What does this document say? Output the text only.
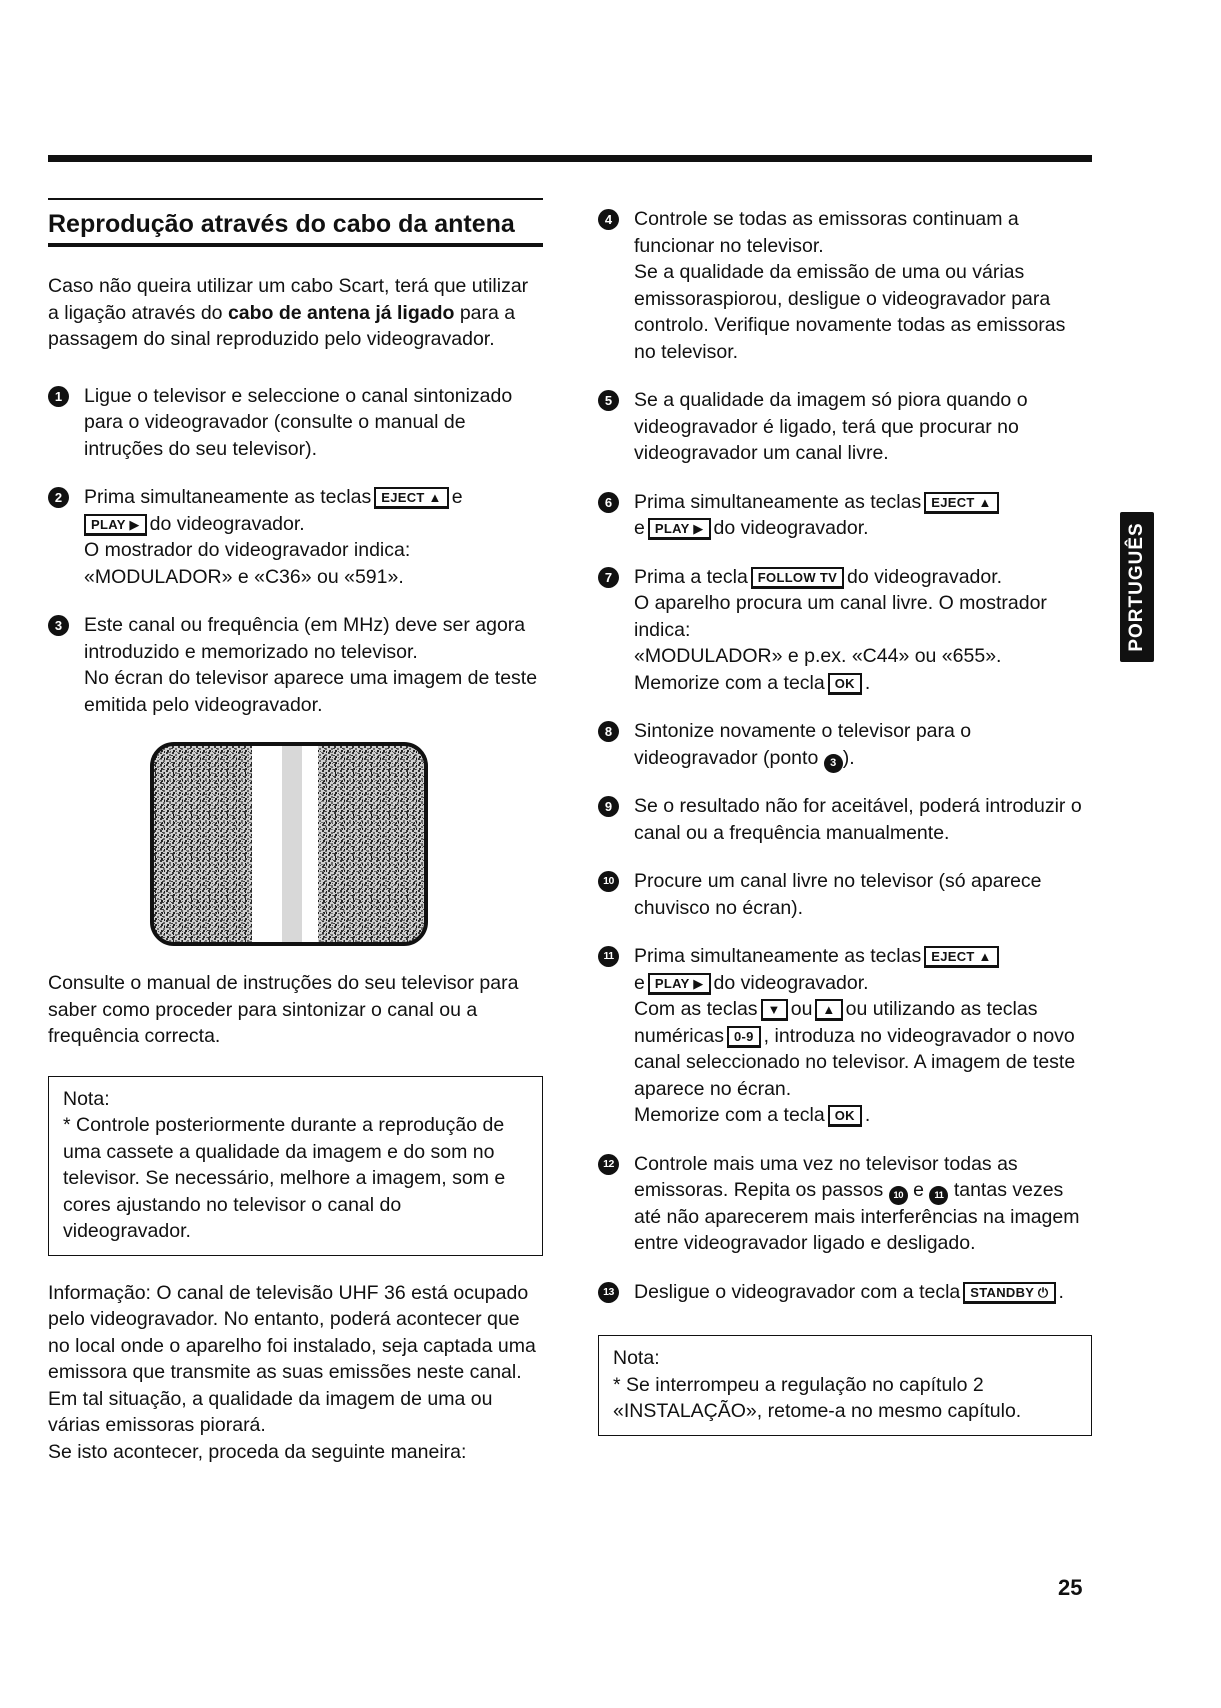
Reprodução através do cabo da antena

Caso não queira utilizar um cabo Scart, terá que utilizar a ligação através do cabo de antena já ligado para a passagem do sinal reproduzido pelo videogravador.

1	Ligue o televisor e seleccione o canal sintonizado para o videogravador (consulte o manual de intruções do seu televisor).
2	Prima simultaneamente as teclas EJECT ▲ e
PLAY ▶ do videogravador.
O mostrador do videogravador indica:
«MODULADOR» e «C36» ou «591».
3	Este canal ou frequência (em MHz) deve ser agora introduzido e memorizado no televisor.
No écran do televisor aparece uma imagem de teste emitida pelo videogravador.

Consulte o manual de instruções do seu televisor para saber como proceder para sintonizar o canal ou a frequência correcta.

Nota:
* Controle posteriormente durante a reprodução de uma cassete a qualidade da imagem e do som no televisor. Se necessário, melhore a imagem, som e cores ajustando no televisor o canal do videogravador.

Informação: O canal de televisão UHF 36 está ocupado pelo videogravador. No entanto, poderá acontecer que no local onde o aparelho foi instalado, seja captada uma emissora que transmite as suas emissões neste canal. Em tal situação, a qualidade da imagem de uma ou várias emissoras piorará.

Se isto acontecer, proceda da seguinte maneira:

4	Controle se todas as emissoras continuam a funcionar no televisor.
Se a qualidade da emissão de uma ou várias emissoraspiorou, desligue o videogravador para controlo. Verifique novamente todas as emissoras no televisor.
5	Se a qualidade da imagem só piora quando o videogravador é ligado, terá que procurar no videogravador um canal livre.
6	Prima simultaneamente as teclas EJECT ▲
e PLAY ▶ do videogravador.
7	Prima a tecla FOLLOW TV do videogravador.
O aparelho procura um canal livre. O mostrador indica:
«MODULADOR» e p.ex. «C44» ou «655».
Memorize com a tecla OK .
8	Sintonize novamente o televisor para o videogravador (ponto 3 ).
9	Se o resultado não for aceitável, poderá introduzir o canal ou a frequência manualmente.
10 Procure um canal livre no televisor (só aparece chuvisco no écran).
11 Prima simultaneamente as teclas EJECT ▲
e PLAY ▶ do videogravador.
Com as teclas ▼ ou ▲ ou utilizando as teclas numéricas 0-9 , introduza no videogravador o novo canal seleccionado no televisor. A imagem de teste aparece no écran.
Memorize com a tecla OK .
12 Controle mais uma vez no televisor todas as emissoras. Repita os passos 10 e 11 tantas vezes até não aparecerem mais interferências na imagem entre videogravador ligado e desligado.
13 Desligue o videogravador com a tecla STANDBY ⏻ .
Nota:
* Se interrompeu a regulação no capítulo 2 «INSTALAÇÃO», retome-a no mesmo capítulo.
PORTUGUÊS
25
